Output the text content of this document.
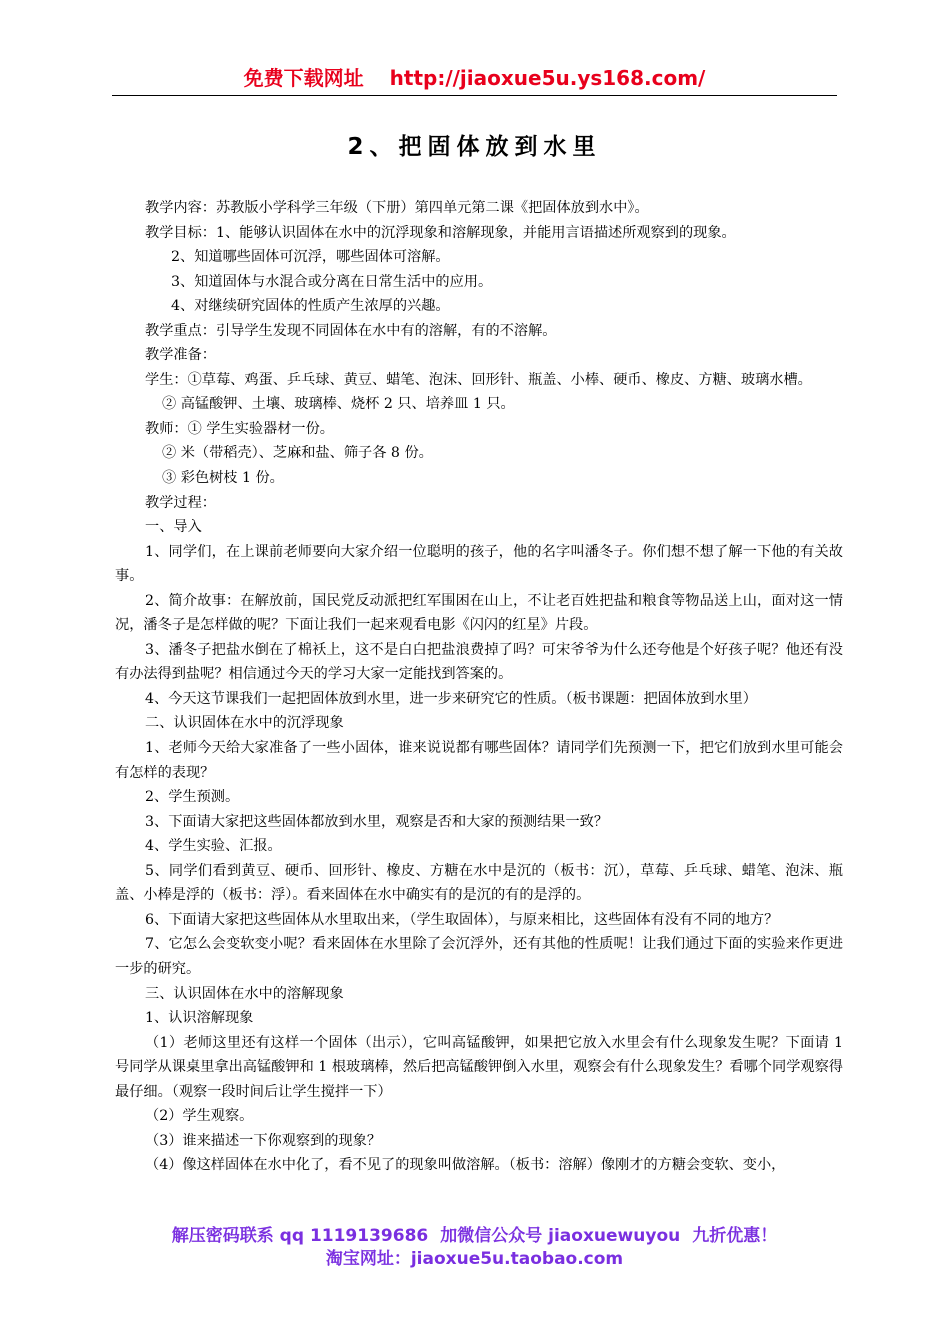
免费下载网址 http://jiaoxue5u.ys168.com/
2、把固体放到水里

教学内容：苏教版小学科学三年级（下册）第四单元第二课《把固体放到水中》。

教学目标：1、能够认识固体在水中的沉浮现象和溶解现象，并能用言语描述所观察到的现象。

2、知道哪些固体可沉浮，哪些固体可溶解。

3、知道固体与水混合或分离在日常生活中的应用。

4、对继续研究固体的性质产生浓厚的兴趣。

教学重点：引导学生发现不同固体在水中有的溶解，有的不溶解。

教学准备：

学生：①草莓、鸡蛋、乒乓球、黄豆、蜡笔、泡沫、回形针、瓶盖、小棒、硬币、橡皮、方糖、玻璃水槽。

② 高锰酸钾、土壤、玻璃棒、烧杯 2 只、培养皿 1 只。

教师：① 学生实验器材一份。

② 米（带稻壳）、芝麻和盐、筛子各 8 份。

③ 彩色树枝 1 份。

教学过程：

一、导入

1、同学们，在上课前老师要向大家介绍一位聪明的孩子，他的名字叫潘冬子。你们想不想了解一下他的有关故事。

2、简介故事：在解放前，国民党反动派把红军围困在山上，不让老百姓把盐和粮食等物品送上山，面对这一情况，潘冬子是怎样做的呢？下面让我们一起来观看电影《闪闪的红星》片段。

3、潘冬子把盐水倒在了棉袄上，这不是白白把盐浪费掉了吗？可宋爷爷为什么还夸他是个好孩子呢？他还有没有办法得到盐呢？相信通过今天的学习大家一定能找到答案的。

4、今天这节课我们一起把固体放到水里，进一步来研究它的性质。（板书课题：把固体放到水里）

二、认识固体在水中的沉浮现象

1、老师今天给大家准备了一些小固体，谁来说说都有哪些固体？请同学们先预测一下，把它们放到水里可能会有怎样的表现？

2、学生预测。

3、下面请大家把这些固体都放到水里，观察是否和大家的预测结果一致？

4、学生实验、汇报。

5、同学们看到黄豆、硬币、回形针、橡皮、方糖在水中是沉的（板书：沉），草莓、乒乓球、蜡笔、泡沫、瓶盖、小棒是浮的（板书：浮）。看来固体在水中确实有的是沉的有的是浮的。

6、下面请大家把这些固体从水里取出来，（学生取固体），与原来相比，这些固体有没有不同的地方？

7、它怎么会变软变小呢？看来固体在水里除了会沉浮外，还有其他的性质呢！让我们通过下面的实验来作更进一步的研究。

三、认识固体在水中的溶解现象

1、认识溶解现象

（1）老师这里还有这样一个固体（出示），它叫高锰酸钾，如果把它放入水里会有什么现象发生呢？下面请 1 号同学从课桌里拿出高锰酸钾和 1 根玻璃棒，然后把高锰酸钾倒入水里，观察会有什么现象发生？看哪个同学观察得最仔细。（观察一段时间后让学生搅拌一下）

（2）学生观察。

（3）谁来描述一下你观察到的现象？

（4）像这样固体在水中化了，看不见了的现象叫做溶解。（板书：溶解）像刚才的方糖会变软、变小，

解压密码联系 qq 1119139686 加微信公众号 jiaoxuewuyou 九折优惠！
淘宝网址：jiaoxue5u.taobao.com
